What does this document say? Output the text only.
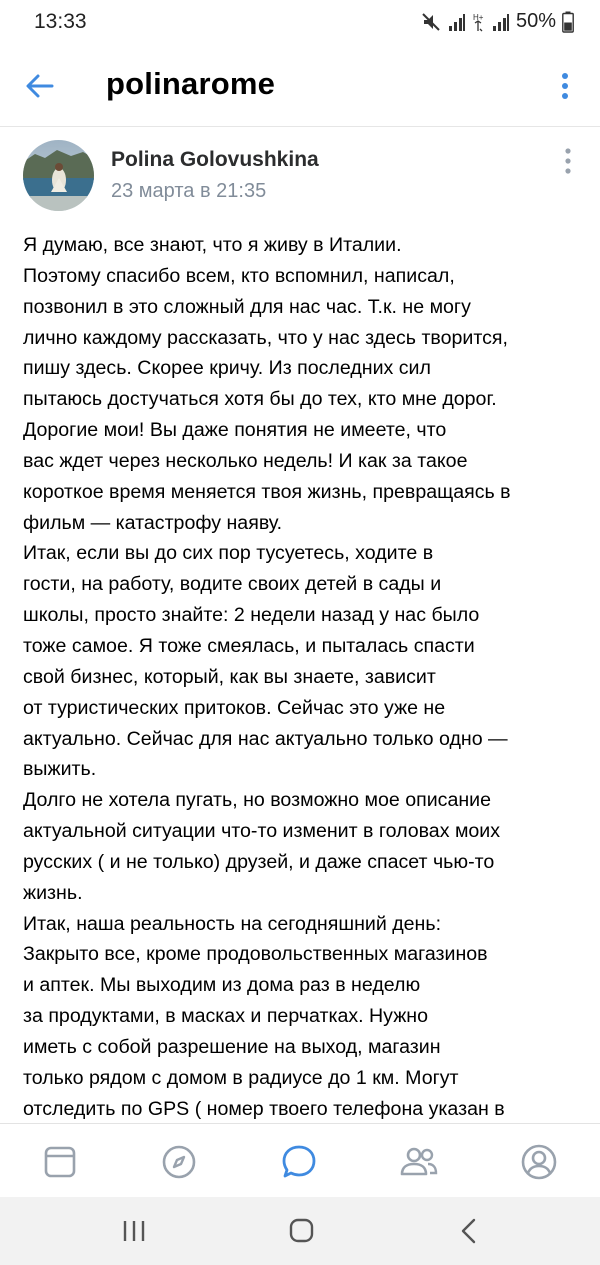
13:33	H+ 50%
polinarome
Polina Golovushkina
23 марта в 21:35

Я думаю, все знают, что я живу в Италии.

Поэтому спасибо всем, кто вспомнил, написал,

позвонил в это сложный для нас час. Т.к. не могу

лично каждому рассказать, что у нас здесь творится,

пишу здесь. Скорее кричу. Из последних сил

пытаюсь достучаться хотя бы до тех, кто мне дорог.

Дорогие мои! Вы даже понятия не имеете, что

вас ждет через несколько недель! И как за такое

короткое время меняется твоя жизнь, превращаясь в

фильм — катастрофу наяву.

Итак, если вы до сих пор тусуетесь, ходите в

гости, на работу, водите своих детей в сады и

школы, просто знайте: 2 недели назад у нас было

тоже самое. Я тоже смеялась, и пыталась спасти

свой бизнес, который, как вы знаете, зависит

от туристических притоков. Сейчас это уже не

актуально. Сейчас для нас актуально только одно —

выжить.

Долго не хотела пугать, но возможно мое описание

актуальной ситуации что-то изменит в головах моих

русских ( и не только) друзей, и даже спасет чью-то

жизнь.

Итак, наша реальность на сегодняшний день:

Закрыто все, кроме продовольственных магазинов

и аптек. Мы выходим из дома раз в неделю

за продуктами, в масках и перчатках. Нужно

иметь с собой разрешение на выход, магазин

только рядом с домом в радиусе до 1 км. Могут

отследить по GPS ( номер твоего телефона указан в
